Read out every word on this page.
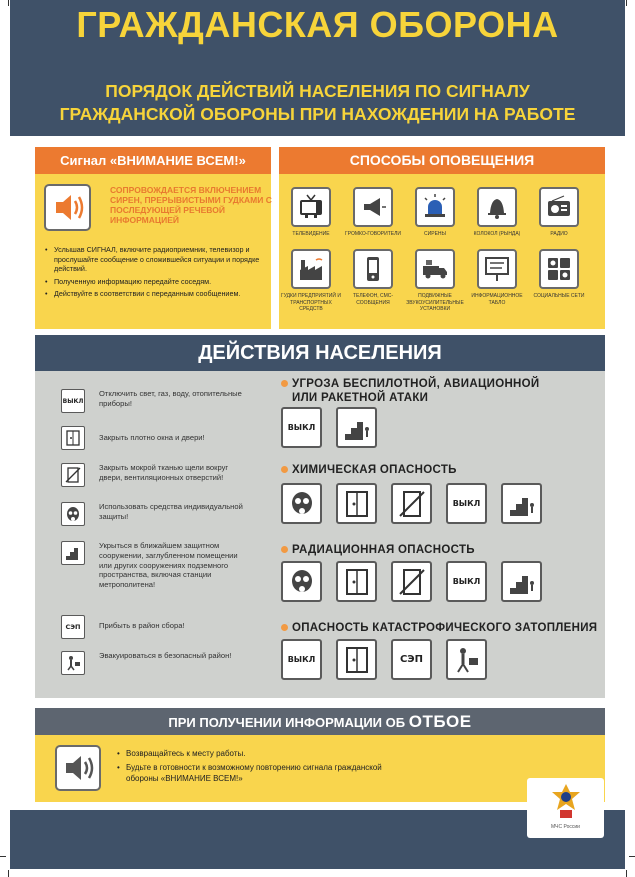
ГРАЖДАНСКАЯ ОБОРОНА
ПОРЯДОК ДЕЙСТВИЙ НАСЕЛЕНИЯ ПО СИГНАЛУ
ГРАЖДАНСКОЙ ОБОРОНЫ ПРИ НАХОЖДЕНИИ НА РАБОТЕ
Сигнал «ВНИМАНИЕ ВСЕМ!»
СОПРОВОЖДАЕТСЯ ВКЛЮЧЕНИЕМ СИРЕН, ПРЕРЫВИСТЫМИ ГУДКАМИ С ПОСЛЕДУЮЩЕЙ РЕЧЕВОЙ ИНФОРМАЦИЕЙ
• Услышав СИГНАЛ, включите радиоприемник, телевизор и прослушайте сообщение о сложившейся ситуации и порядке действий.
• Полученную информацию передайте соседям.
• Действуйте в соответствии с переданным сообщением.
СПОСОБЫ ОПОВЕЩЕНИЯ
ТЕЛЕВИДЕНИЕ	ГРОМКО-ГОВОРИТЕЛИ	СИРЕНЫ	КОЛОКОЛ (РЫНДА)	РАДИО
ГУДКИ ПРЕДПРИЯТИЙ И ТРАНСПОРТНЫХ СРЕДСТВ
ТЕЛЕФОН, СМС-СООБЩЕНИЯ
ПОДВИЖНЫЕ ЗВУКОУСИЛИТЕЛЬНЫЕ УСТАНОВКИ
ИНФОРМАЦИОННОЕ ТАБЛО
СОЦИАЛЬНЫЕ СЕТИ
ДЕЙСТВИЯ НАСЕЛЕНИЯ
ВЫКЛ
Отключить свет, газ, воду, отопительные приборы!
Закрыть плотно окна и двери!
Закрыть мокрой тканью щели вокруг двери, вентиляционных отверстий!
Использовать средства индивидуальной защиты!
Укрыться в ближайшем защитном сооружении, заглубленном помещении или других сооружениях подземного пространства, включая станции метрополитена!
СЭП Прибыть в район сбора!
Эвакуироваться в безопасный район!
УГРОЗА БЕСПИЛОТНОЙ, АВИАЦИОННОЙ
ИЛИ РАКЕТНОЙ АТАКИ
ВЫКЛ
ХИМИЧЕСКАЯ ОПАСНОСТЬ
ВЫКЛ
РАДИАЦИОННАЯ ОПАСНОСТЬ
ВЫКЛ
ОПАСНОСТЬ КАТАСТРОФИЧЕСКОГО ЗАТОПЛЕНИЯ
ВЫКЛ	СЭП
ПРИ ПОЛУЧЕНИИ ИНФОРМАЦИИ ОБ ОТБОЕ
• Возвращайтесь к месту работы.
• Будьте в готовности к возможному повторению сигнала гражданской обороны «ВНИМАНИЕ ВСЕМ!»
МЧС России
